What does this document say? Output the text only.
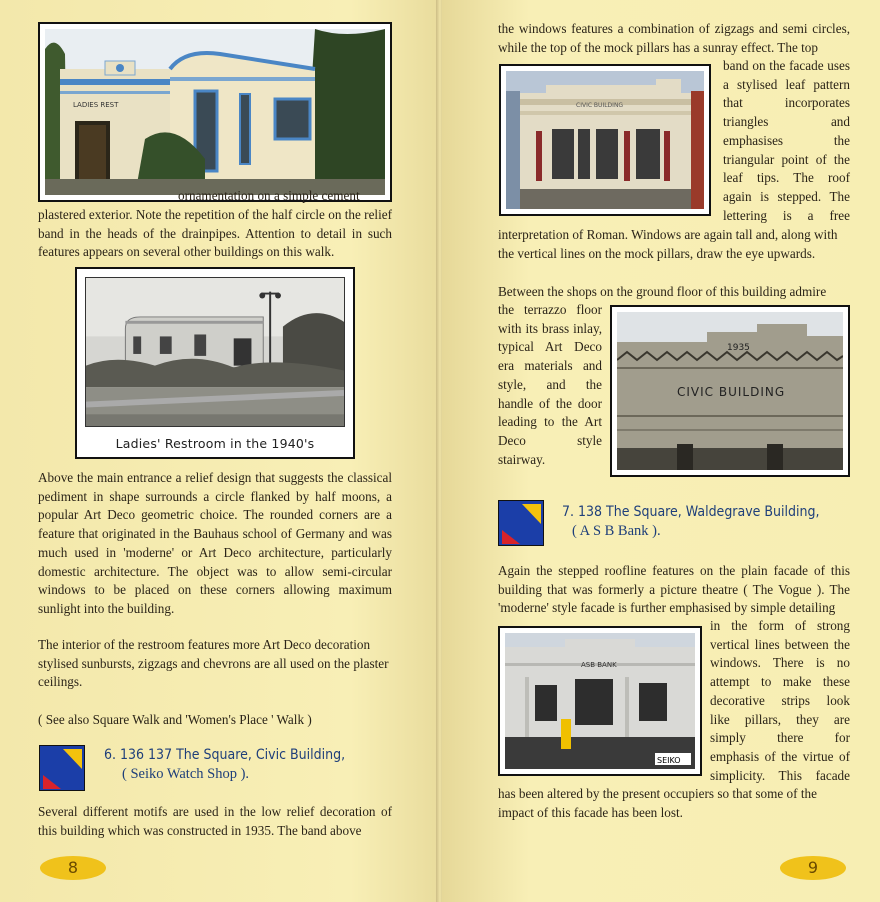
LADIES REST
ornamentation on a simple cement
plastered exterior. Note the repetition of the half circle on the relief band in the heads of the drainpipes. Attention to detail in such features appears on several other buildings on this walk.
Ladies' Restroom in the 1940's
Above the main entrance a relief design that suggests the classical pediment in shape surrounds a circle flanked by half moons, a popular Art Deco geometric choice. The rounded corners are a feature that originated in the Bauhaus school of Germany and was much used in 'moderne' or Art Deco architecture, particularly domestic architecture. The object was to allow semi-circular windows to be placed on these corners allowing maximum sunlight into the building.
The interior of the restroom features more Art Deco decoration stylised sunbursts, zigzags and chevrons are all used on the plaster ceilings.
( See also Square Walk and 'Women's Place ' Walk )
6. 136 137 The Square, Civic Building,
( Seiko Watch Shop ).
Several different motifs are used in the low relief decoration of this building which was constructed in 1935. The band above
8
the windows features a combination of zigzags and semi circles, while the top of the mock pillars has a sunray effect. The top
CIVIC BUILDING
band on the facade uses
a stylised leaf pattern
that incorporates
triangles and
emphasises the
triangular point of the
leaf tips. The roof
again is stepped. The
lettering is a free
interpretation of Roman. Windows are again tall and, along with the vertical lines on the mock pillars, draw the eye upwards.
Between the shops on the ground floor of this building admire
the terrazzo floor
with its brass inlay,
typical Art Deco
era materials and
style, and the
handle of the door
leading to the Art
Deco style
stairway.
1935
CIVIC BUILDING
7. 138 The Square, Waldegrave Building,
( A S B Bank ).
Again the stepped roofline features on the plain facade of this building that was formerly a picture theatre ( The Vogue ). The 'moderne' style facade is further emphasised by simple detailing
ASB BANK
SEIKO
in the form of strong
vertical lines between the
windows. There is no
attempt to make these
decorative strips look
like pillars, they are
simply there for
emphasis of the virtue of
simplicity. This facade
has been altered by the present occupiers so that some of the impact of this facade has been lost.
9
